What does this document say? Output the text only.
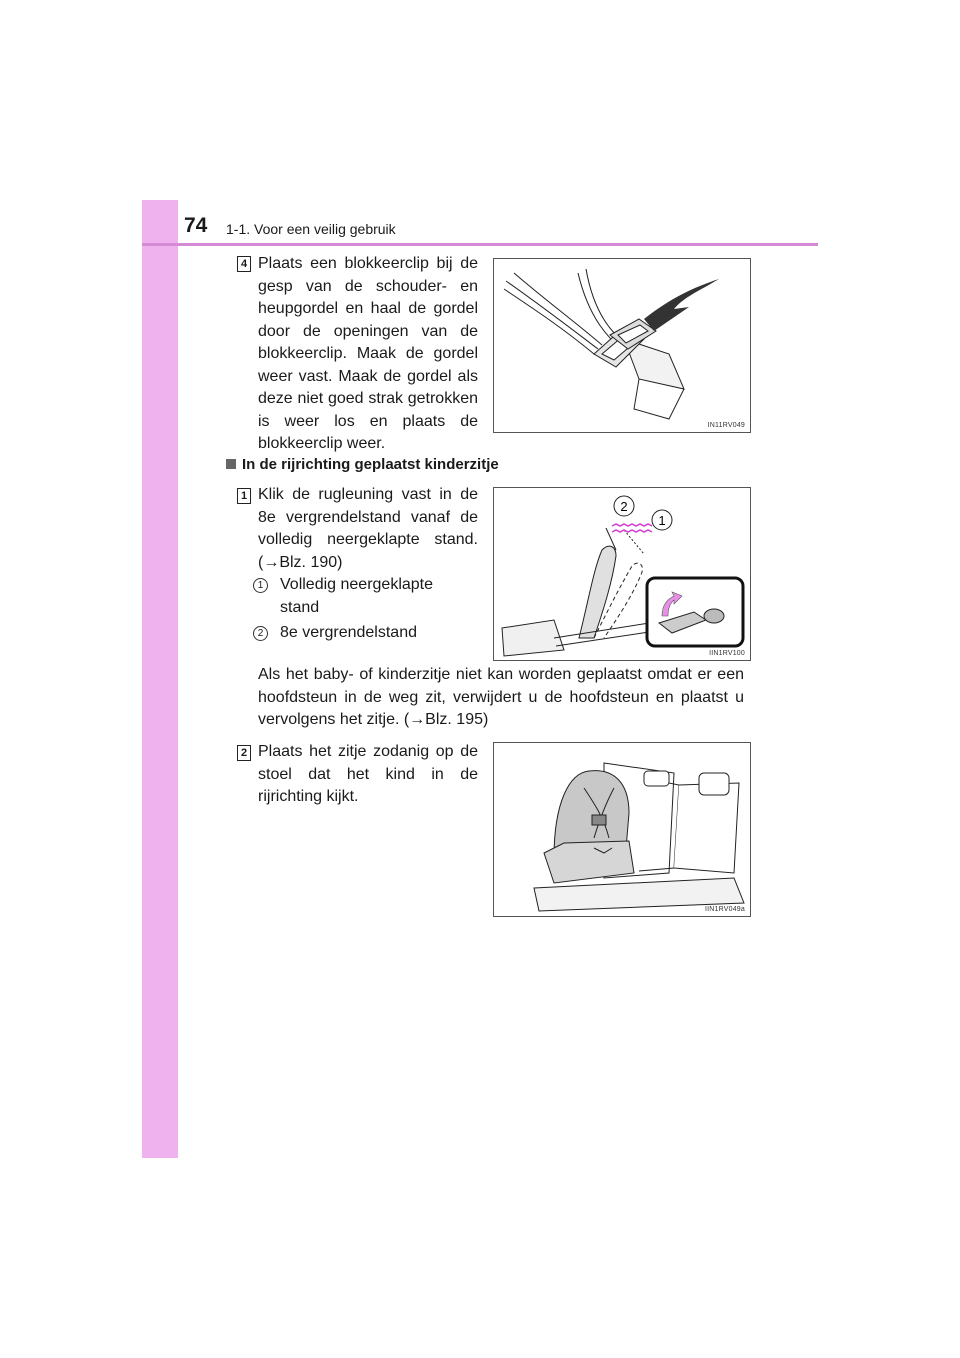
74 1-1. Voor een veilig gebruik
4 Plaats een blokkeerclip bij de gesp van de schouder- en heupgordel en haal de gordel door de openingen van de blokkeerclip. Maak de gordel weer vast. Maak de gordel als deze niet goed strak getrokken is weer los en plaats de blokkeerclip weer.

IN11RV049
In de rijrichting geplaatst kinderzitje
1 Klik de rugleuning vast in de 8e vergrendelstand vanaf de volledig neergeklapte stand. (→Blz. 190)

1 Volledig neergeklapte stand
2 8e vergrendelstand
2
1
IIN1RV100

Als het baby- of kinderzitje niet kan worden geplaatst omdat er een hoofdsteun in de weg zit, verwijdert u de hoofdsteun en plaatst u vervolgens het zitje. (→Blz. 195)

2 Plaats het zitje zodanig op de stoel dat het kind in de rijrichting kijkt.

IIN1RV049a
